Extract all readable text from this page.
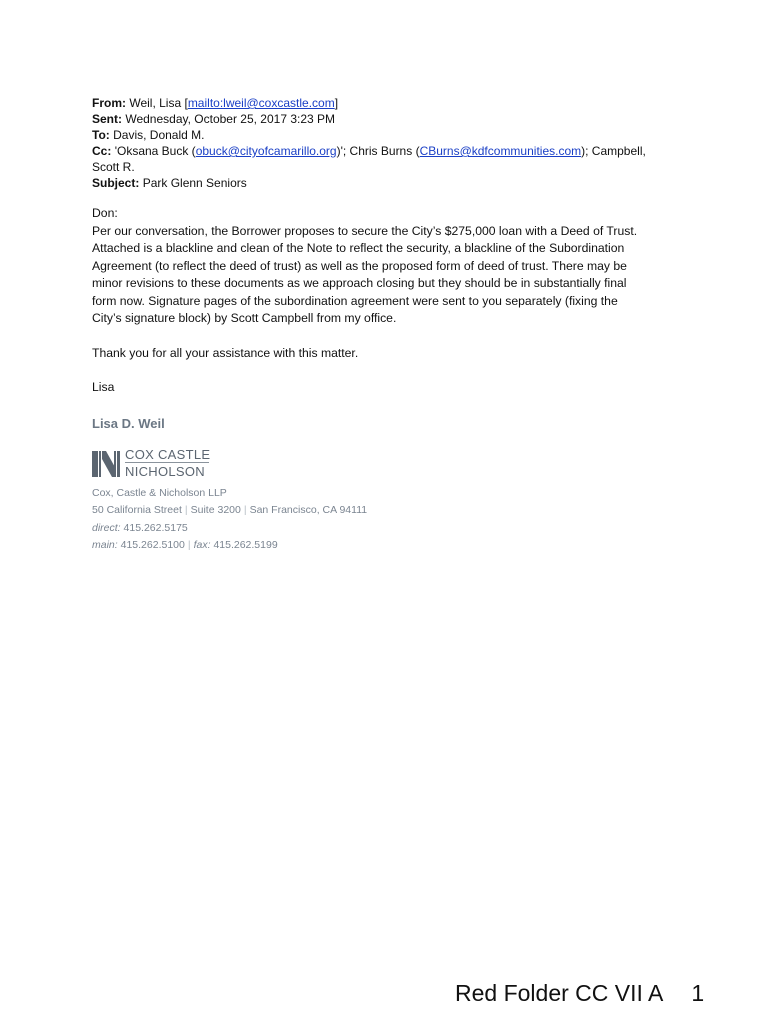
From: Weil, Lisa [mailto:lweil@coxcastle.com]
Sent: Wednesday, October 25, 2017 3:23 PM
To: Davis, Donald M.
Cc: 'Oksana Buck (obuck@cityofcamarillo.org)'; Chris Burns (CBurns@kdfcommunities.com); Campbell,
Scott R.
Subject: Park Glenn Seniors

Don:

Per our conversation, the Borrower proposes to secure the City’s $275,000 loan with a Deed of Trust.
Attached is a blackline and clean of the Note to reflect the security, a blackline of the Subordination
Agreement (to reflect the deed of trust) as well as the proposed form of deed of trust. There may be
minor revisions to these documents as we approach closing but they should be in substantially final
form now. Signature pages of the subordination agreement were sent to you separately (fixing the
City’s signature block) by Scott Campbell from my office.

Thank you for all your assistance with this matter.

Lisa

Lisa D. Weil
COX CASTLE
NICHOLSON
Cox, Castle & Nicholson LLP
50 California Street | Suite 3200 | San Francisco, CA 94111
direct: 415.262.5175
main: 415.262.5100 | fax: 415.262.5199
Red Folder CC VII A 1
